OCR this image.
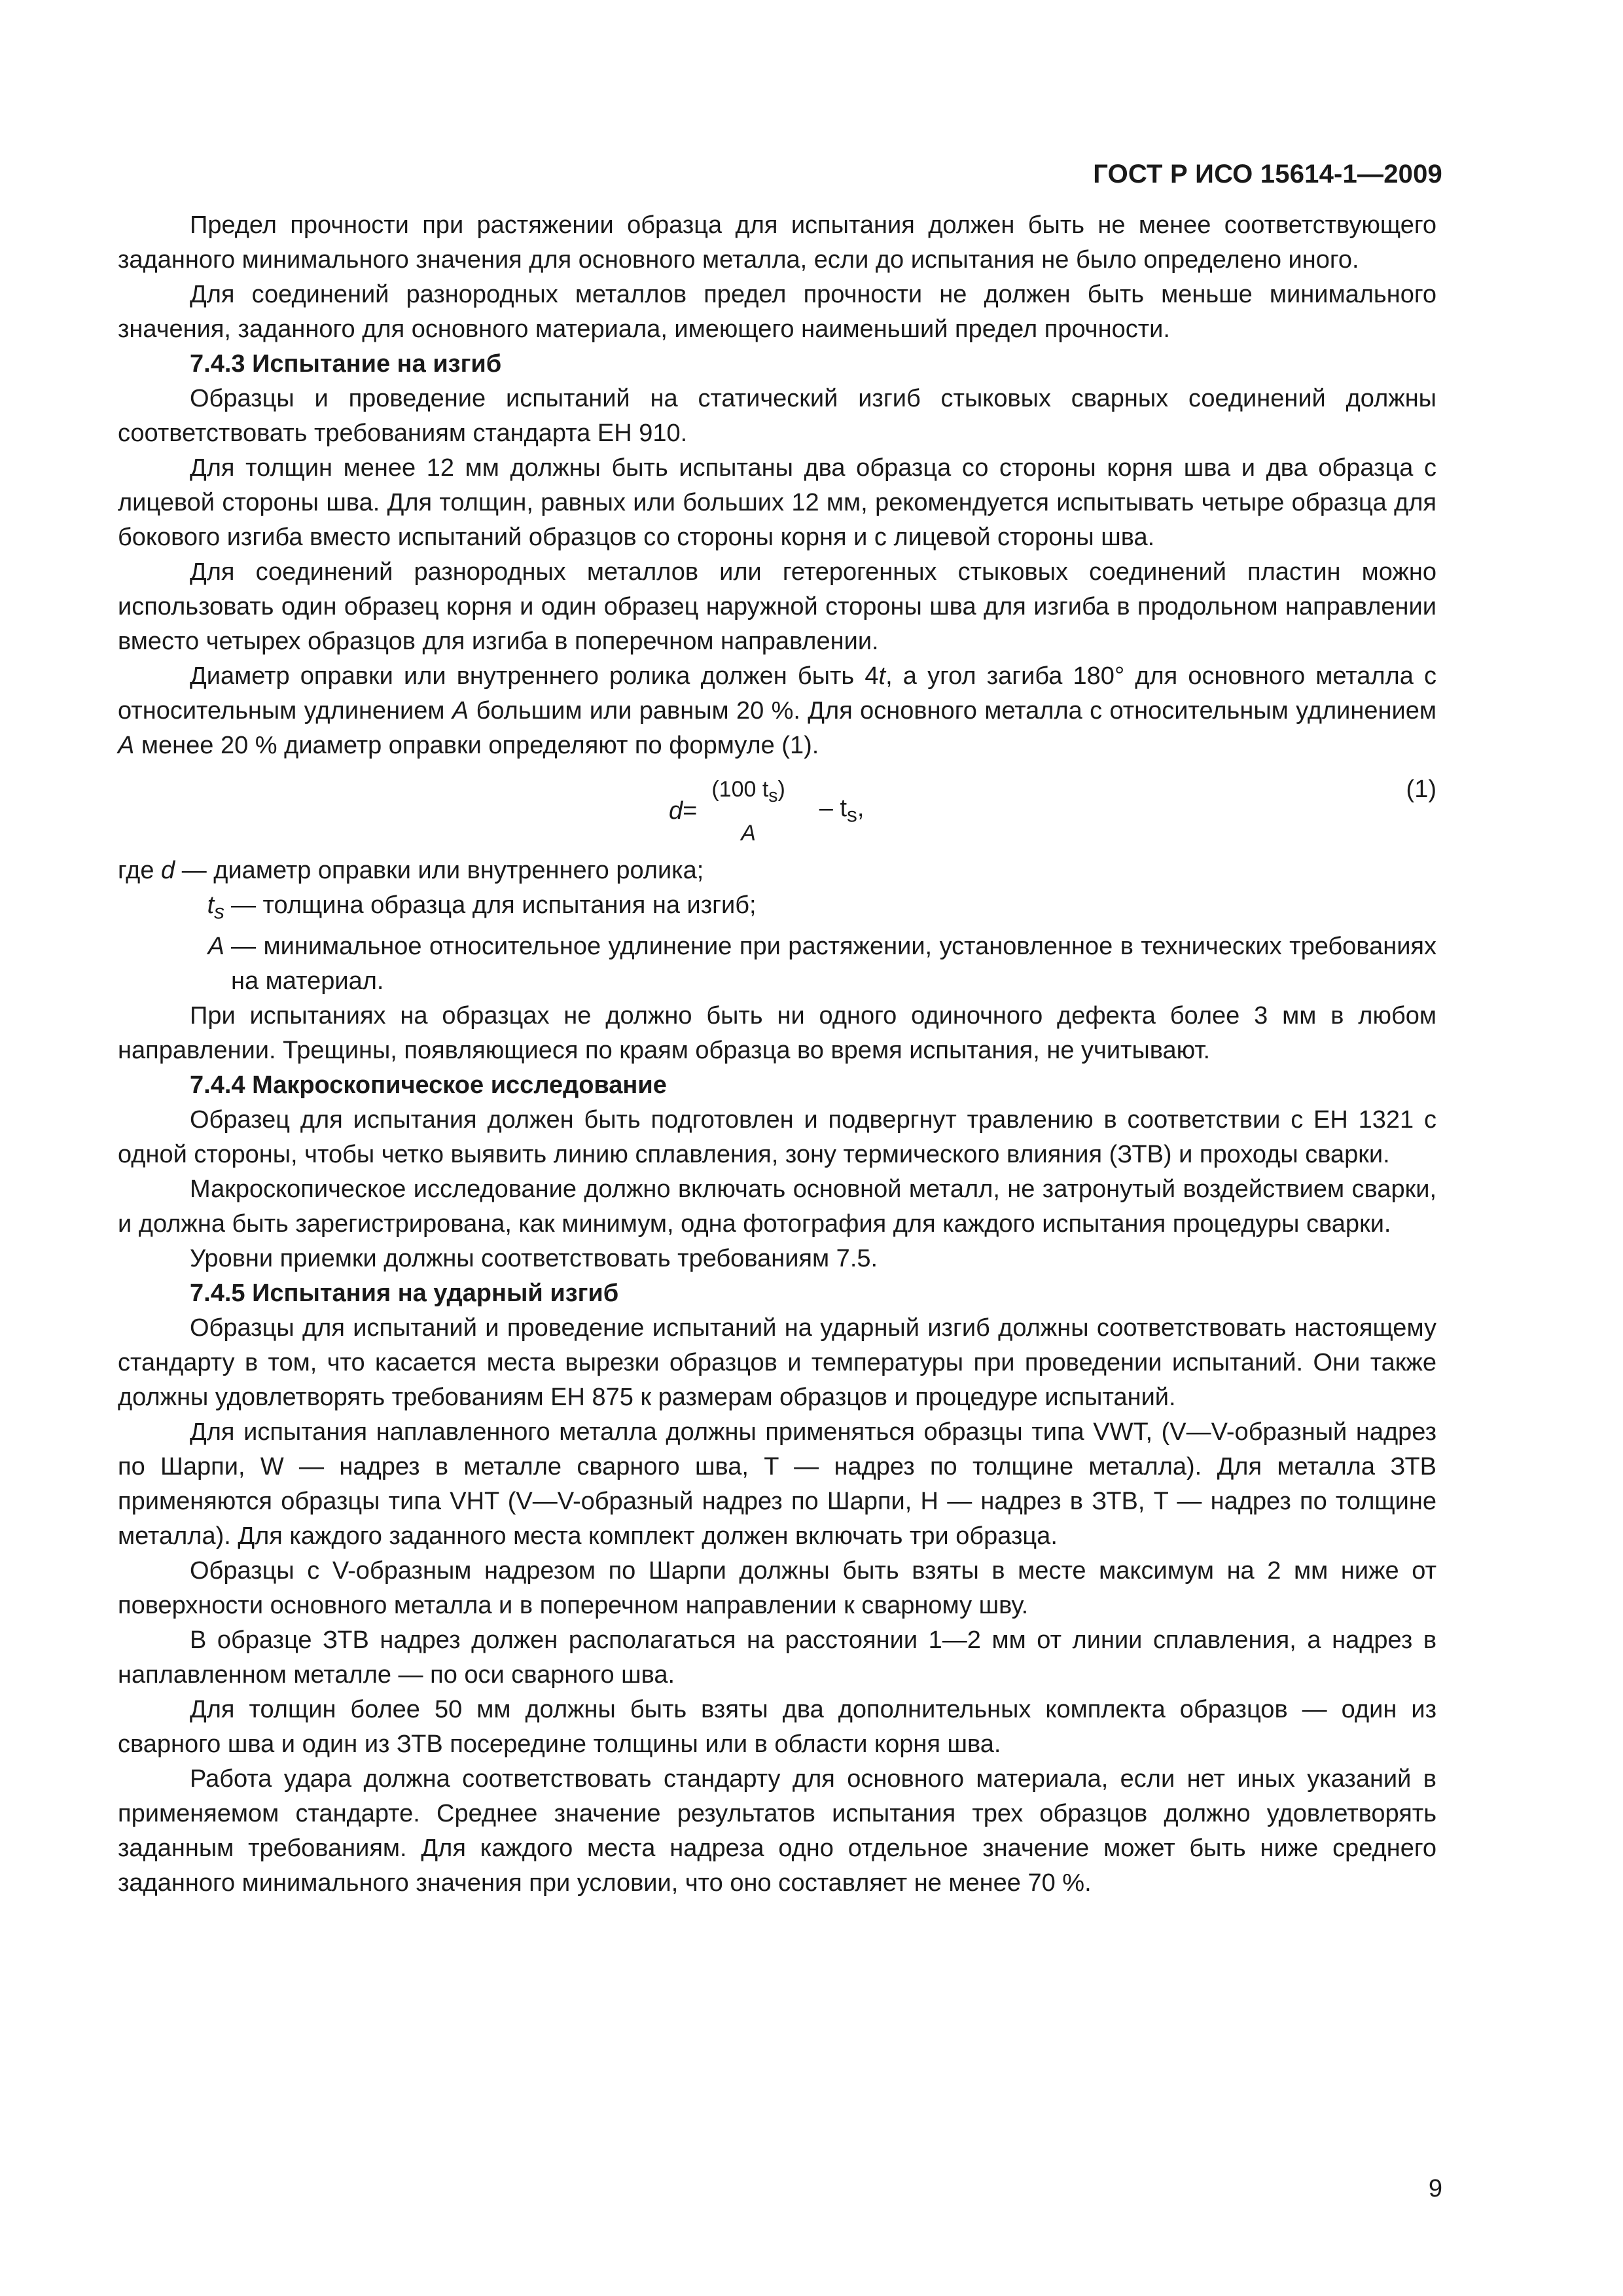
ГОСТ Р ИСО 15614-1—2009

Предел прочности при растяжении образца для испытания должен быть не менее соответствующего заданного минимального значения для основного металла, если до испытания не было определено иного.

Для соединений разнородных металлов предел прочности не должен быть меньше минимального значения, заданного для основного материала, имеющего наименьший предел прочности.

7.4.3 Испытание на изгиб

Образцы и проведение испытаний на статический изгиб стыковых сварных соединений должны соответствовать требованиям стандарта ЕН 910.

Для толщин менее 12 мм должны быть испытаны два образца со стороны корня шва и два образца с лицевой стороны шва. Для толщин, равных или больших 12 мм, рекомендуется испытывать четыре образца для бокового изгиба вместо испытаний образцов со стороны корня и с лицевой стороны шва.

Для соединений разнородных металлов или гетерогенных стыковых соединений пластин можно использовать один образец корня и один образец наружной стороны шва для изгиба в продольном направлении вместо четырех образцов для изгиба в поперечном направлении.

Диаметр оправки или внутреннего ролика должен быть 4t, а угол загиба 180° для основного металла с относительным удлинением A большим или равным 20 %. Для основного металла с относительным удлинением A менее 20 % диаметр оправки определяют по формуле (1).

d =
(100 $t_s$)
A
– $t_s$,
(1)

где d — диаметр оправки или внутреннего ролика;

$t_s$ — толщина образца для испытания на изгиб;
A — минимальное относительное удлинение при растяжении, установленное в технических требованиях на материал.

При испытаниях на образцах не должно быть ни одного одиночного дефекта более 3 мм в любом направлении. Трещины, появляющиеся по краям образца во время испытания, не учитывают.

7.4.4 Макроскопическое исследование

Образец для испытания должен быть подготовлен и подвергнут травлению в соответствии с ЕН 1321 с одной стороны, чтобы четко выявить линию сплавления, зону термического влияния (ЗТВ) и проходы сварки.

Макроскопическое исследование должно включать основной металл, не затронутый воздействием сварки, и должна быть зарегистрирована, как минимум, одна фотография для каждого испытания процедуры сварки.

Уровни приемки должны соответствовать требованиям 7.5.

7.4.5 Испытания на ударный изгиб

Образцы для испытаний и проведение испытаний на ударный изгиб должны соответствовать настоящему стандарту в том, что касается места вырезки образцов и температуры при проведении испытаний. Они также должны удовлетворять требованиям ЕН 875 к размерам образцов и процедуре испытаний.

Для испытания наплавленного металла должны применяться образцы типа VWT, (V—V-образный надрез по Шарпи, W — надрез в металле сварного шва, T — надрез по толщине металла). Для металла ЗТВ применяются образцы типа VHT (V—V-образный надрез по Шарпи, H — надрез в ЗТВ, T — надрез по толщине металла). Для каждого заданного места комплект должен включать три образца.

Образцы с V-образным надрезом по Шарпи должны быть взяты в месте максимум на 2 мм ниже от поверхности основного металла и в поперечном направлении к сварному шву.

В образце ЗТВ надрез должен располагаться на расстоянии 1—2 мм от линии сплавления, а надрез в наплавленном металле — по оси сварного шва.

Для толщин более 50 мм должны быть взяты два дополнительных комплекта образцов — один из сварного шва и один из ЗТВ посередине толщины или в области корня шва.

Работа удара должна соответствовать стандарту для основного материала, если нет иных указаний в применяемом стандарте. Среднее значение результатов испытания трех образцов должно удовлетворять заданным требованиям. Для каждого места надреза одно отдельное значение может быть ниже среднего заданного минимального значения при условии, что оно составляет не менее 70 %.

9
